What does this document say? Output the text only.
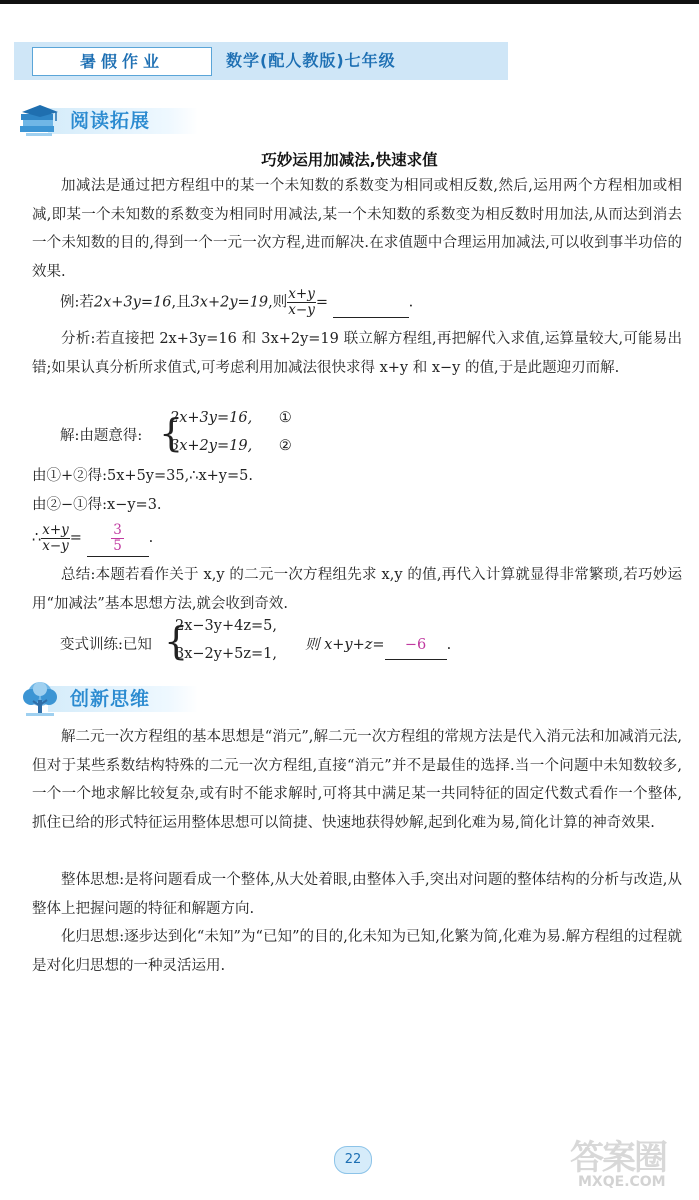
暑假作业	数学(配人教版)七年级
阅读拓展
巧妙运用加减法,快速求值
加减法是通过把方程组中的某一个未知数的系数变为相同或相反数,然后,运用两个方程相加或相减,即某一个未知数的系数变为相同时用减法,某一个未知数的系数变为相反数时用加法,从而达到消去一个未知数的目的,得到一个一元一次方程,进而解决.在求值题中合理运用加减法,可以收到事半功倍的效果.
例:若2x+3y=16,且3x+2y=19,则 $\frac{x+y}{x-y}$ =	.
分析:若直接把 2x+3y=16 和 3x+2y=19 联立解方程组,再把解代入求值,运算量较大,可能易出错;如果认真分析所求值式,可考虑利用加减法很快求得 x+y 和 x−y 的值,于是此题迎刃而解.
解:由题意得: {
2x+3y=16, ①
3x+2y=19, ②
由①+②得:5x+5y=35,∴x+y=5.
由②−①得:x−y=3.
∴ $\frac{x+y}{x-y} = \frac{3}{5}$ .
总结:本题若看作关于 x,y 的二元一次方程组先求 x,y 的值,再代入计算就显得非常繁琐,若巧妙运用“加减法”基本思想方法,就会收到奇效.
变式训练:已知 {
2x−3y+4z=5,
3x−2y+5z=1,
则 x+y+z= −6 .
创新思维
解二元一次方程组的基本思想是“消元”,解二元一次方程组的常规方法是代入消元法和加减消元法,但对于某些系数结构特殊的二元一次方程组,直接“消元”并不是最佳的选择.当一个问题中未知数较多,一个一个地求解比较复杂,或有时不能求解时,可将其中满足某一共同特征的固定代数式看作一个整体,抓住已给的形式特征运用整体思想可以简捷、快速地获得妙解,起到化难为易,简化计算的神奇效果.
整体思想:是将问题看成一个整体,从大处着眼,由整体入手,突出对问题的整体结构的分析与改造,从整体上把握问题的特征和解题方向.
化归思想:逐步达到化“未知”为“已知”的目的,化未知为已知,化繁为简,化难为易.解方程组的过程就是对化归思想的一种灵活运用.
22	答案圈
MXQE.COM
